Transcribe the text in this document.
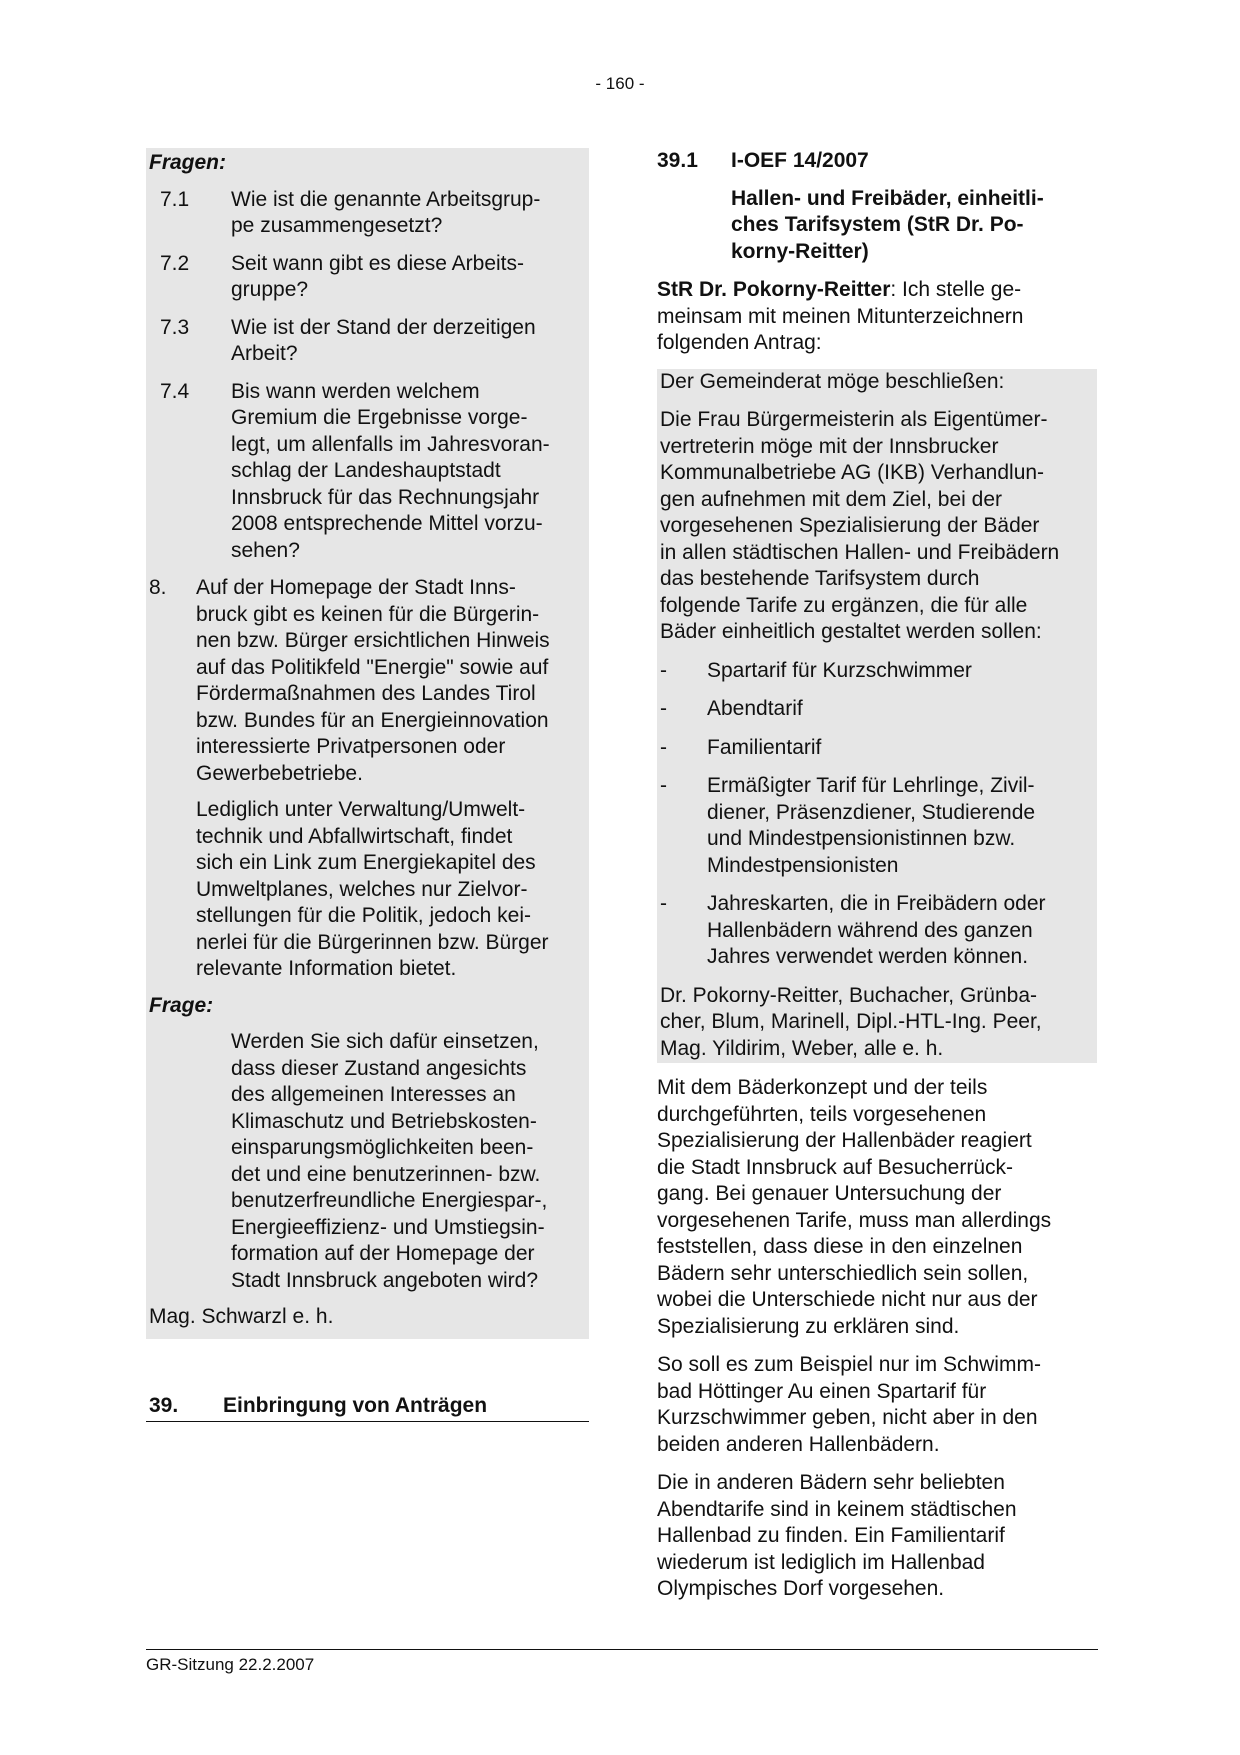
- 160 -
Fragen:
7.1	Wie ist die genannte Arbeitsgrup-
pe zusammengesetzt?
7.2	Seit wann gibt es diese Arbeits-
gruppe?
7.3	Wie ist der Stand der derzeitigen
Arbeit?
7.4	Bis wann werden welchem
Gremium die Ergebnisse vorge-
legt, um allenfalls im Jahresvoran-
schlag der Landeshauptstadt
Innsbruck für das Rechnungsjahr
2008 entsprechende Mittel vorzu-
sehen?
8.	Auf der Homepage der Stadt Inns-
bruck gibt es keinen für die Bürgerin-
nen bzw. Bürger ersichtlichen Hinweis
auf das Politikfeld "Energie" sowie auf
Fördermaßnahmen des Landes Tirol
bzw. Bundes für an Energieinnovation
interessierte Privatpersonen oder
Gewerbebetriebe.
Lediglich unter Verwaltung/Umwelt-
technik und Abfallwirtschaft, findet
sich ein Link zum Energiekapitel des
Umweltplanes, welches nur Zielvor-
stellungen für die Politik, jedoch kei-
nerlei für die Bürgerinnen bzw. Bürger
relevante Information bietet.
Frage:
Werden Sie sich dafür einsetzen,
dass dieser Zustand angesichts
des allgemeinen Interesses an
Klimaschutz und Betriebskosten-
einsparungsmöglichkeiten been-
det und eine benutzerinnen- bzw.
benutzerfreundliche Energiespar-,
Energieeffizienz- und Umstiegsin-
formation auf der Homepage der
Stadt Innsbruck angeboten wird?
Mag. Schwarzl e. h.
39.	Einbringung von Anträgen
39.1	I-OEF 14/2007
Hallen- und Freibäder, einheitli-
ches Tarifsystem (StR Dr. Po-
korny-Reitter)
StR Dr. Pokorny-Reitter: Ich stelle ge-
meinsam mit meinen Mitunterzeichnern
folgenden Antrag:
Der Gemeinderat möge beschließen:
Die Frau Bürgermeisterin als Eigentümer-
vertreterin möge mit der Innsbrucker
Kommunalbetriebe AG (IKB) Verhandlun-
gen aufnehmen mit dem Ziel, bei der
vorgesehenen Spezialisierung der Bäder
in allen städtischen Hallen- und Freibädern
das bestehende Tarifsystem durch
folgende Tarife zu ergänzen, die für alle
Bäder einheitlich gestaltet werden sollen:
-	Spartarif für Kurzschwimmer
-	Abendtarif
-	Familientarif
-	Ermäßigter Tarif für Lehrlinge, Zivil-
diener, Präsenzdiener, Studierende
und Mindestpensionistinnen bzw.
Mindestpensionisten
-	Jahreskarten, die in Freibädern oder
Hallenbädern während des ganzen
Jahres verwendet werden können.
Dr. Pokorny-Reitter, Buchacher, Grünba-
cher, Blum, Marinell, Dipl.-HTL-Ing. Peer,
Mag. Yildirim, Weber, alle e. h.
Mit dem Bäderkonzept und der teils
durchgeführten, teils vorgesehenen
Spezialisierung der Hallenbäder reagiert
die Stadt Innsbruck auf Besucherrück-
gang. Bei genauer Untersuchung der
vorgesehenen Tarife, muss man allerdings
feststellen, dass diese in den einzelnen
Bädern sehr unterschiedlich sein sollen,
wobei die Unterschiede nicht nur aus der
Spezialisierung zu erklären sind.
So soll es zum Beispiel nur im Schwimm-
bad Höttinger Au einen Spartarif für
Kurzschwimmer geben, nicht aber in den
beiden anderen Hallenbädern.
Die in anderen Bädern sehr beliebten
Abendtarife sind in keinem städtischen
Hallenbad zu finden. Ein Familientarif
wiederum ist lediglich im Hallenbad
Olympisches Dorf vorgesehen.
GR-Sitzung 22.2.2007
